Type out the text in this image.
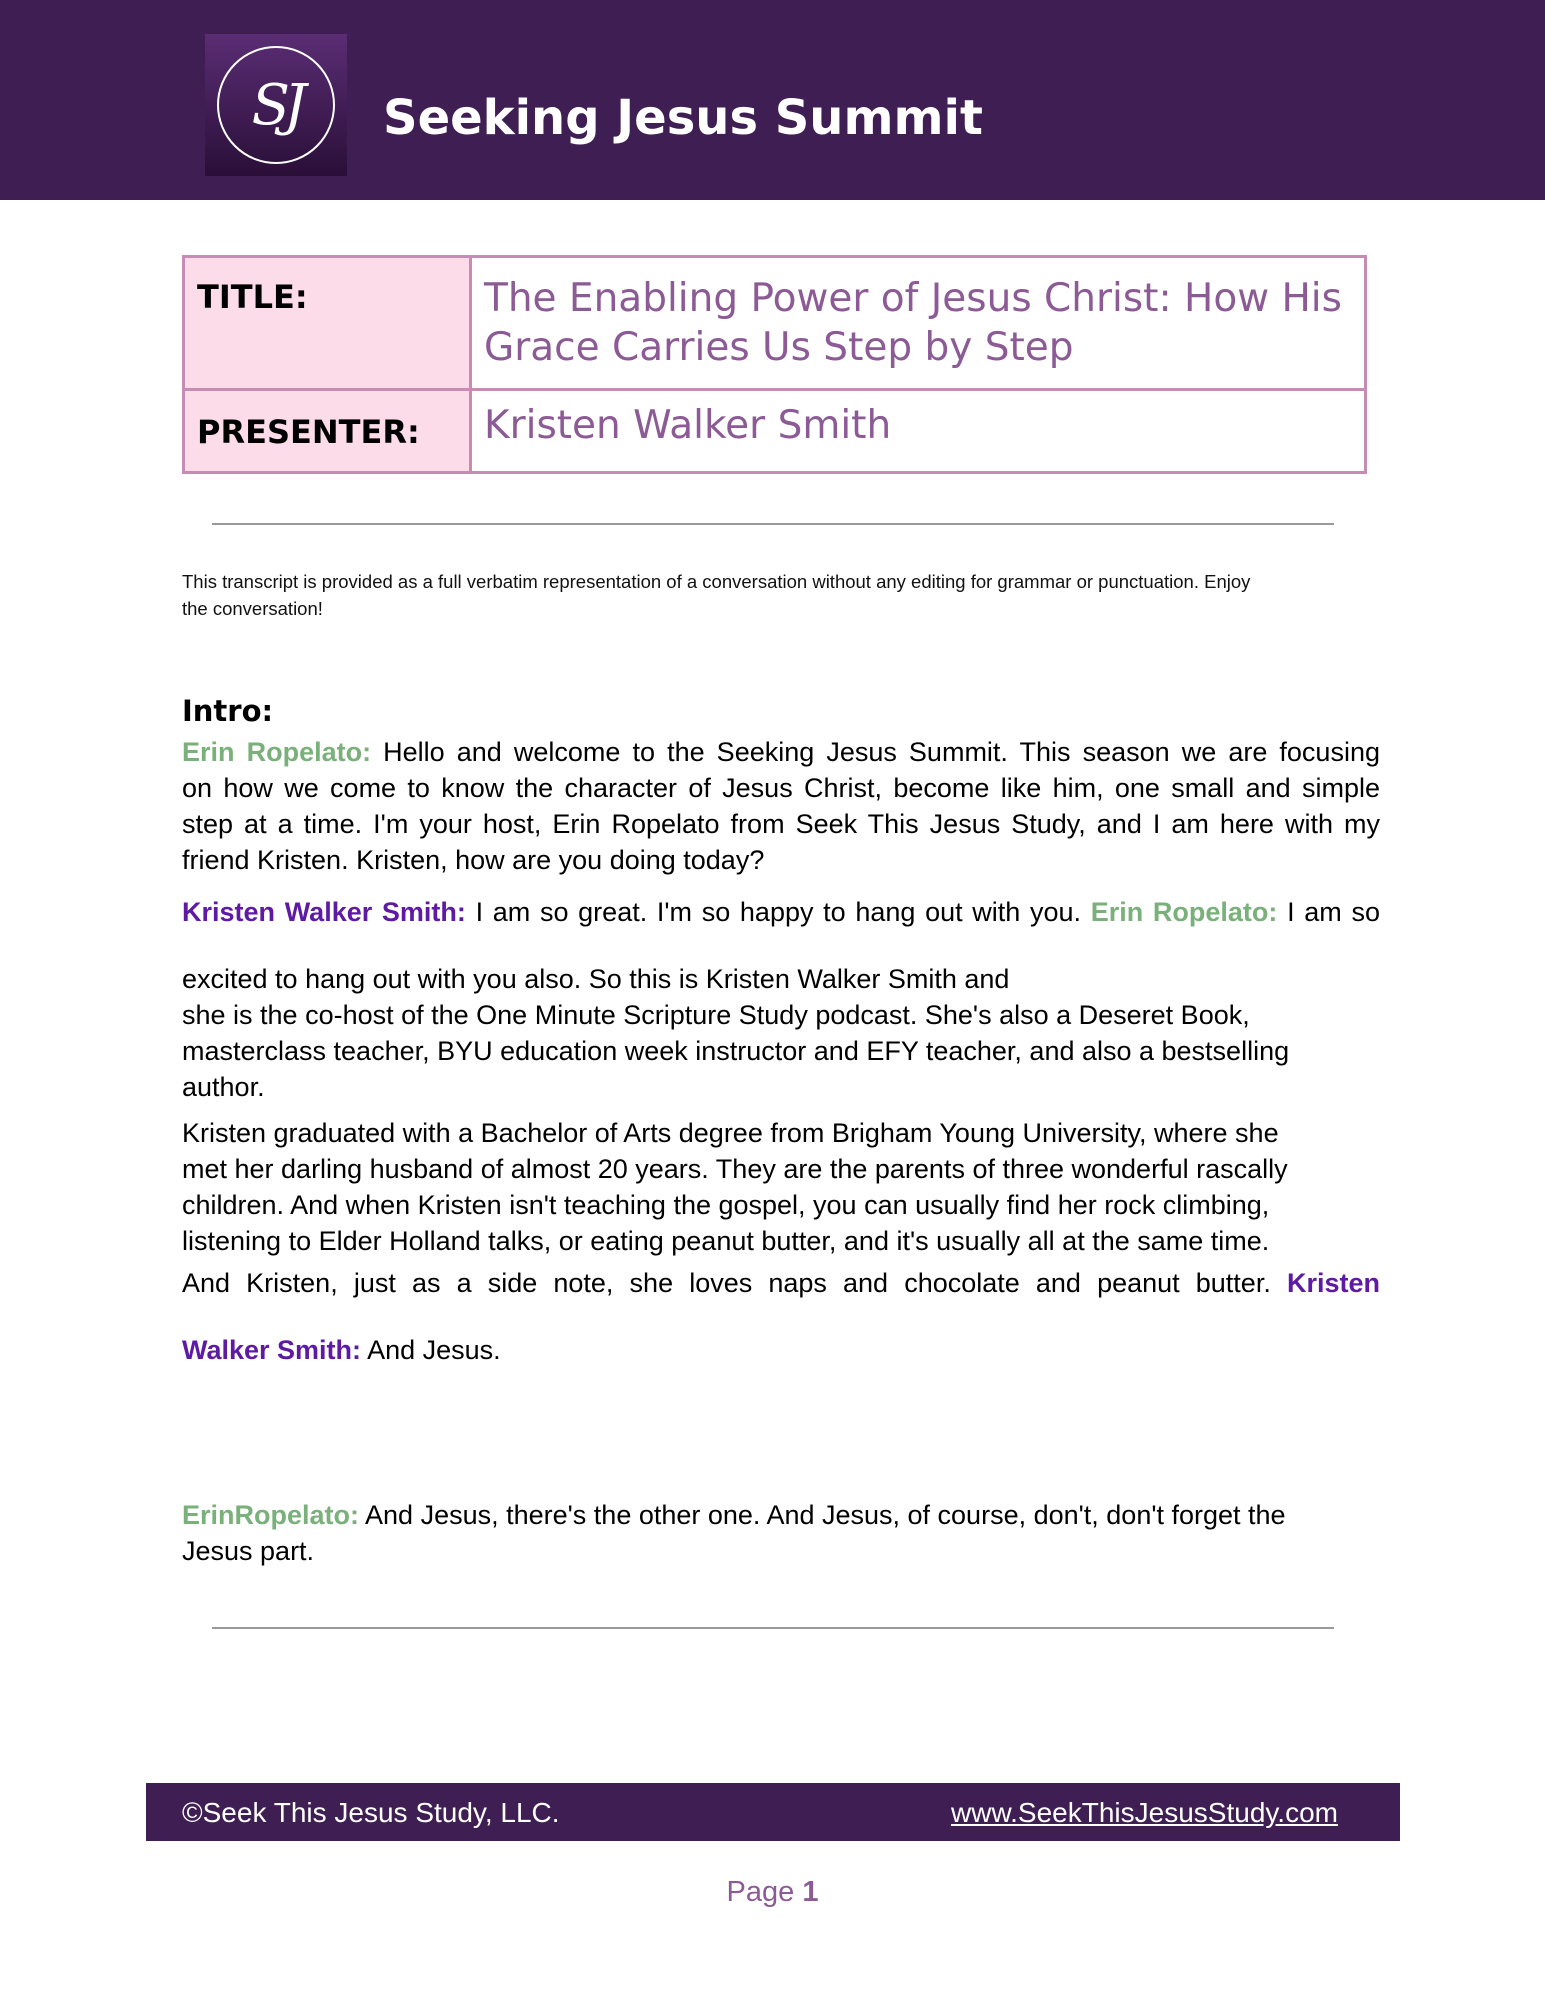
SJ	Seeking Jesus Summit
TITLE:	The Enabling Power of Jesus Christ: How His
Grace Carries Us Step by Step

PRESENTER:	Kristen Walker Smith
This transcript is provided as a full verbatim representation of a conversation without any editing for grammar or punctuation. Enjoy
the conversation!
Intro:
Erin Ropelato: Hello and welcome to the Seeking Jesus Summit. This season we are focusing
on how we come to know the character of Jesus Christ, become like him, one small and simple
step at a time. I'm your host, Erin Ropelato from Seek This Jesus Study, and I am here with my
friend Kristen. Kristen, how are you doing today?
Kristen Walker Smith: I am so great. I'm so happy to hang out with you. Erin Ropelato: I am so
excited to hang out with you also. So this is Kristen Walker Smith and
she is the co-host of the One Minute Scripture Study podcast. She's also a Deseret Book,
masterclass teacher, BYU education week instructor and EFY teacher, and also a bestselling
author.
Kristen graduated with a Bachelor of Arts degree from Brigham Young University, where she
met her darling husband of almost 20 years. They are the parents of three wonderful rascally
children. And when Kristen isn't teaching the gospel, you can usually find her rock climbing,
listening to Elder Holland talks, or eating peanut butter, and it's usually all at the same time.
And Kristen, just as a side note, she loves naps and chocolate and peanut butter. Kristen
Walker Smith: And Jesus.
ErinRopelato: And Jesus, there's the other one. And Jesus, of course, don't, don't forget the
Jesus part.
©Seek This Jesus Study, LLC.	www.SeekThisJesusStudy.com
Page 1
